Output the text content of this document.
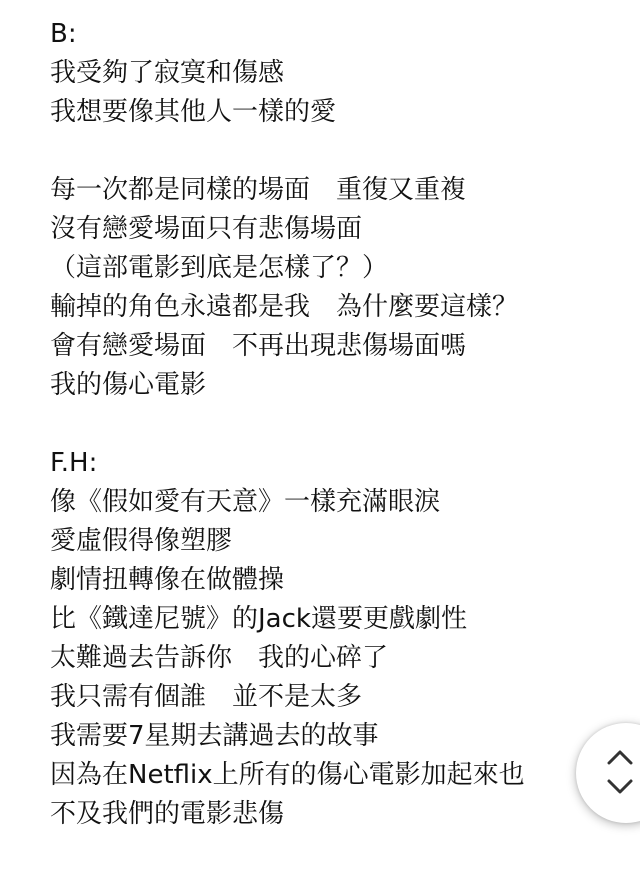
B:
我受夠了寂寞和傷感
我想要像其他人一樣的愛
每一次都是同樣的場面　重復又重複
沒有戀愛場面只有悲傷場面
（這部電影到底是怎樣了？）
輸掉的角色永遠都是我　為什麼要這樣？
會有戀愛場面　不再出現悲傷場面嗎
我的傷心電影
F.H:
像《假如愛有天意》一樣充滿眼淚
愛虛假得像塑膠
劇情扭轉像在做體操
比《鐵達尼號》的Jack還要更戲劇性
太難過去告訴你　我的心碎了
我只需有個誰　並不是太多
我需要7星期去講過去的故事
因為在Netflix上所有的傷心電影加起來也
不及我們的電影悲傷
